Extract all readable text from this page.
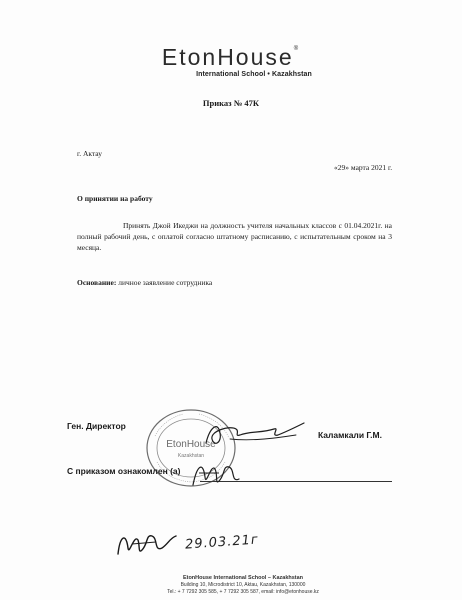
EtonHouse®
International School • Kazakhstan
Приказ № 47К
г. Актау
«29» марта 2021 г.
О принятии на работу
Принять Джой Икеджи на должность учителя начальных классов с 01.04.2021г. на полный рабочий день, с оплатой согласно штатному расписанию, с испытательным сроком на 3 месяца.
Основание: личное заявление сотрудника
Ген. Директор
Каламкали Г.М.
EtonHouse
Kazakhstan
С приказом ознакомлен (а)
29.03.21г
EtonHouse International School – Kazakhstan
Building 10, Microdistrict 10, Aktau, Kazakhstan, 130000
Tel.: + 7 7292 305 585, + 7 7292 305 587, email: info@etonhouse.kz
